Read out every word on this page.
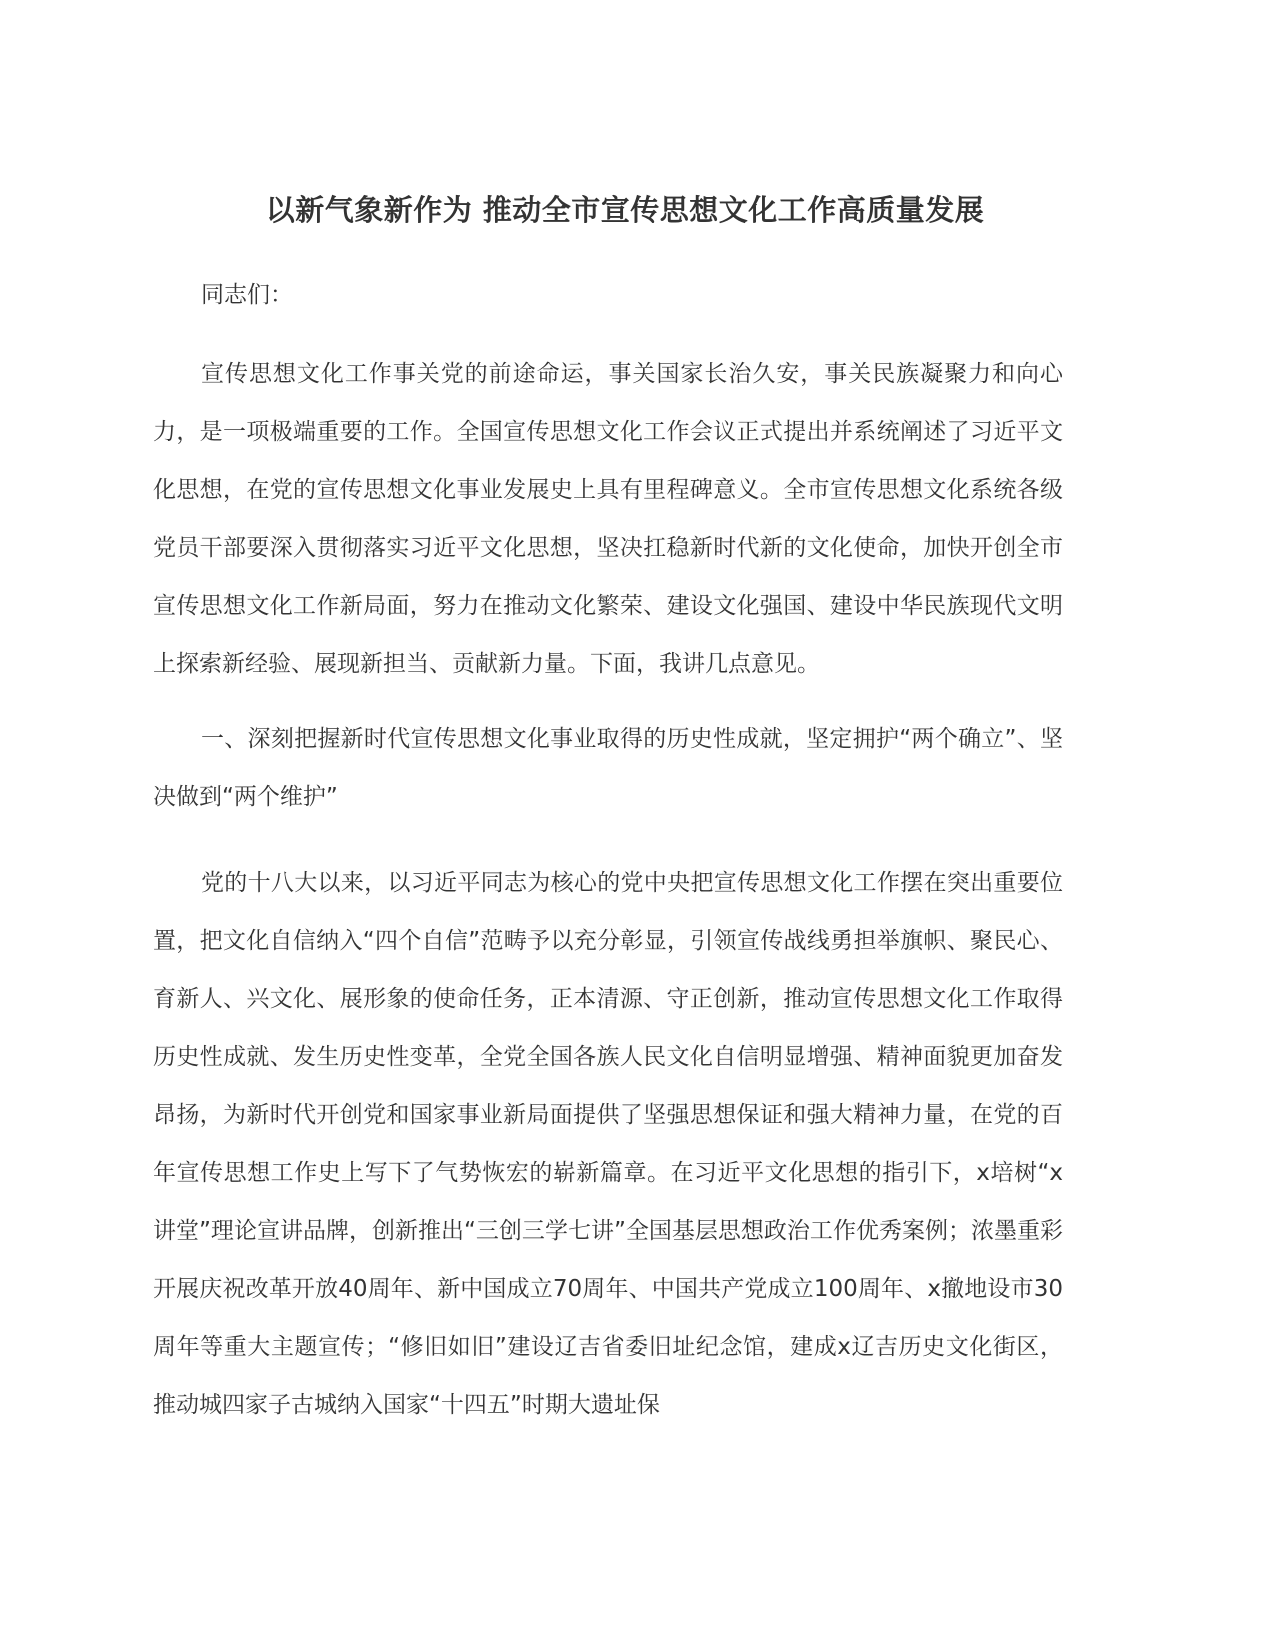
以新气象新作为 推动全市宣传思想文化工作高质量发展

同志们：

宣传思想文化工作事关党的前途命运，事关国家长治久安，事关民族凝聚力和向心力，是一项极端重要的工作。全国宣传思想文化工作会议正式提出并系统阐述了习近平文化思想，在党的宣传思想文化事业发展史上具有里程碑意义。全市宣传思想文化系统各级党员干部要深入贯彻落实习近平文化思想，坚决扛稳新时代新的文化使命，加快开创全市宣传思想文化工作新局面，努力在推动文化繁荣、建设文化强国、建设中华民族现代文明上探索新经验、展现新担当、贡献新力量。下面，我讲几点意见。

一、深刻把握新时代宣传思想文化事业取得的历史性成就，坚定拥护“两个确立”、坚决做到“两个维护”

党的十八大以来，以习近平同志为核心的党中央把宣传思想文化工作摆在突出重要位置，把文化自信纳入“四个自信”范畴予以充分彰显，引领宣传战线勇担举旗帜、聚民心、育新人、兴文化、展形象的使命任务，正本清源、守正创新，推动宣传思想文化工作取得历史性成就、发生历史性变革，全党全国各族人民文化自信明显增强、精神面貌更加奋发昂扬，为新时代开创党和国家事业新局面提供了坚强思想保证和强大精神力量，在党的百年宣传思想工作史上写下了气势恢宏的崭新篇章。在习近平文化思想的指引下，x培树“x讲堂”理论宣讲品牌，创新推出“三创三学七讲”全国基层思想政治工作优秀案例；浓墨重彩开展庆祝改革开放40周年、新中国成立70周年、中国共产党成立100周年、x撤地设市30周年等重大主题宣传；“修旧如旧”建设辽吉省委旧址纪念馆，建成x辽吉历史文化街区，推动城四家子古城纳入国家“十四五”时期大遗址保
